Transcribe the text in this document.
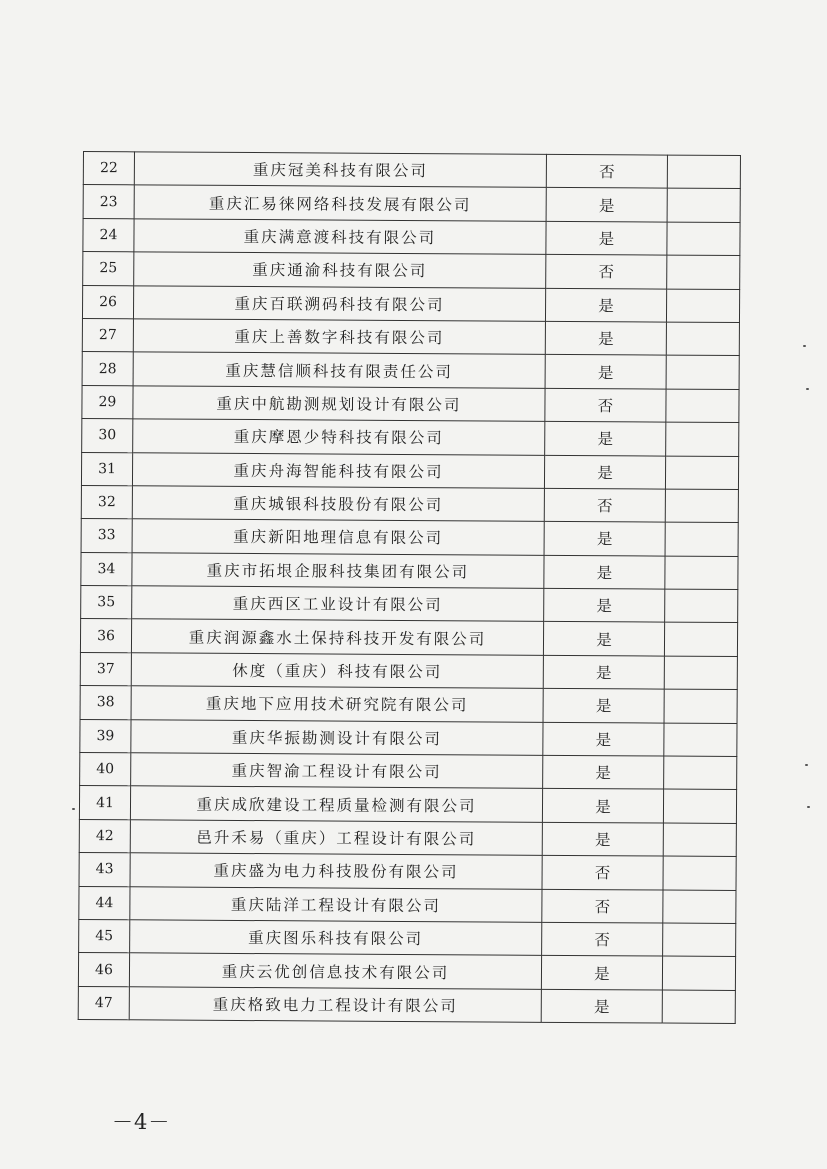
22	重庆冠美科技有限公司	否	
23	重庆汇易徕网络科技发展有限公司	是	
24	重庆满意渡科技有限公司	是	
25	重庆通渝科技有限公司	否	
26	重庆百联溯码科技有限公司	是	
27	重庆上善数字科技有限公司	是	
28	重庆慧信顺科技有限责任公司	是	
29	重庆中航勘测规划设计有限公司	否	
30	重庆摩恩少特科技有限公司	是	
31	重庆舟海智能科技有限公司	是	
32	重庆城银科技股份有限公司	否	
33	重庆新阳地理信息有限公司	是	
34	重庆市拓垠企服科技集团有限公司	是	
35	重庆西区工业设计有限公司	是	
36	重庆润源鑫水土保持科技开发有限公司	是	
37	休度（重庆）科技有限公司	是	
38	重庆地下应用技术研究院有限公司	是	
39	重庆华振勘测设计有限公司	是	
40	重庆智渝工程设计有限公司	是	
41	重庆成欣建设工程质量检测有限公司	是	
42	邑升禾易（重庆）工程设计有限公司	是	
43	重庆盛为电力科技股份有限公司	否	
44	重庆陆洋工程设计有限公司	否	
45	重庆图乐科技有限公司	否	
46	重庆云优创信息技术有限公司	是	
47	重庆格致电力工程设计有限公司	是	
－4－
